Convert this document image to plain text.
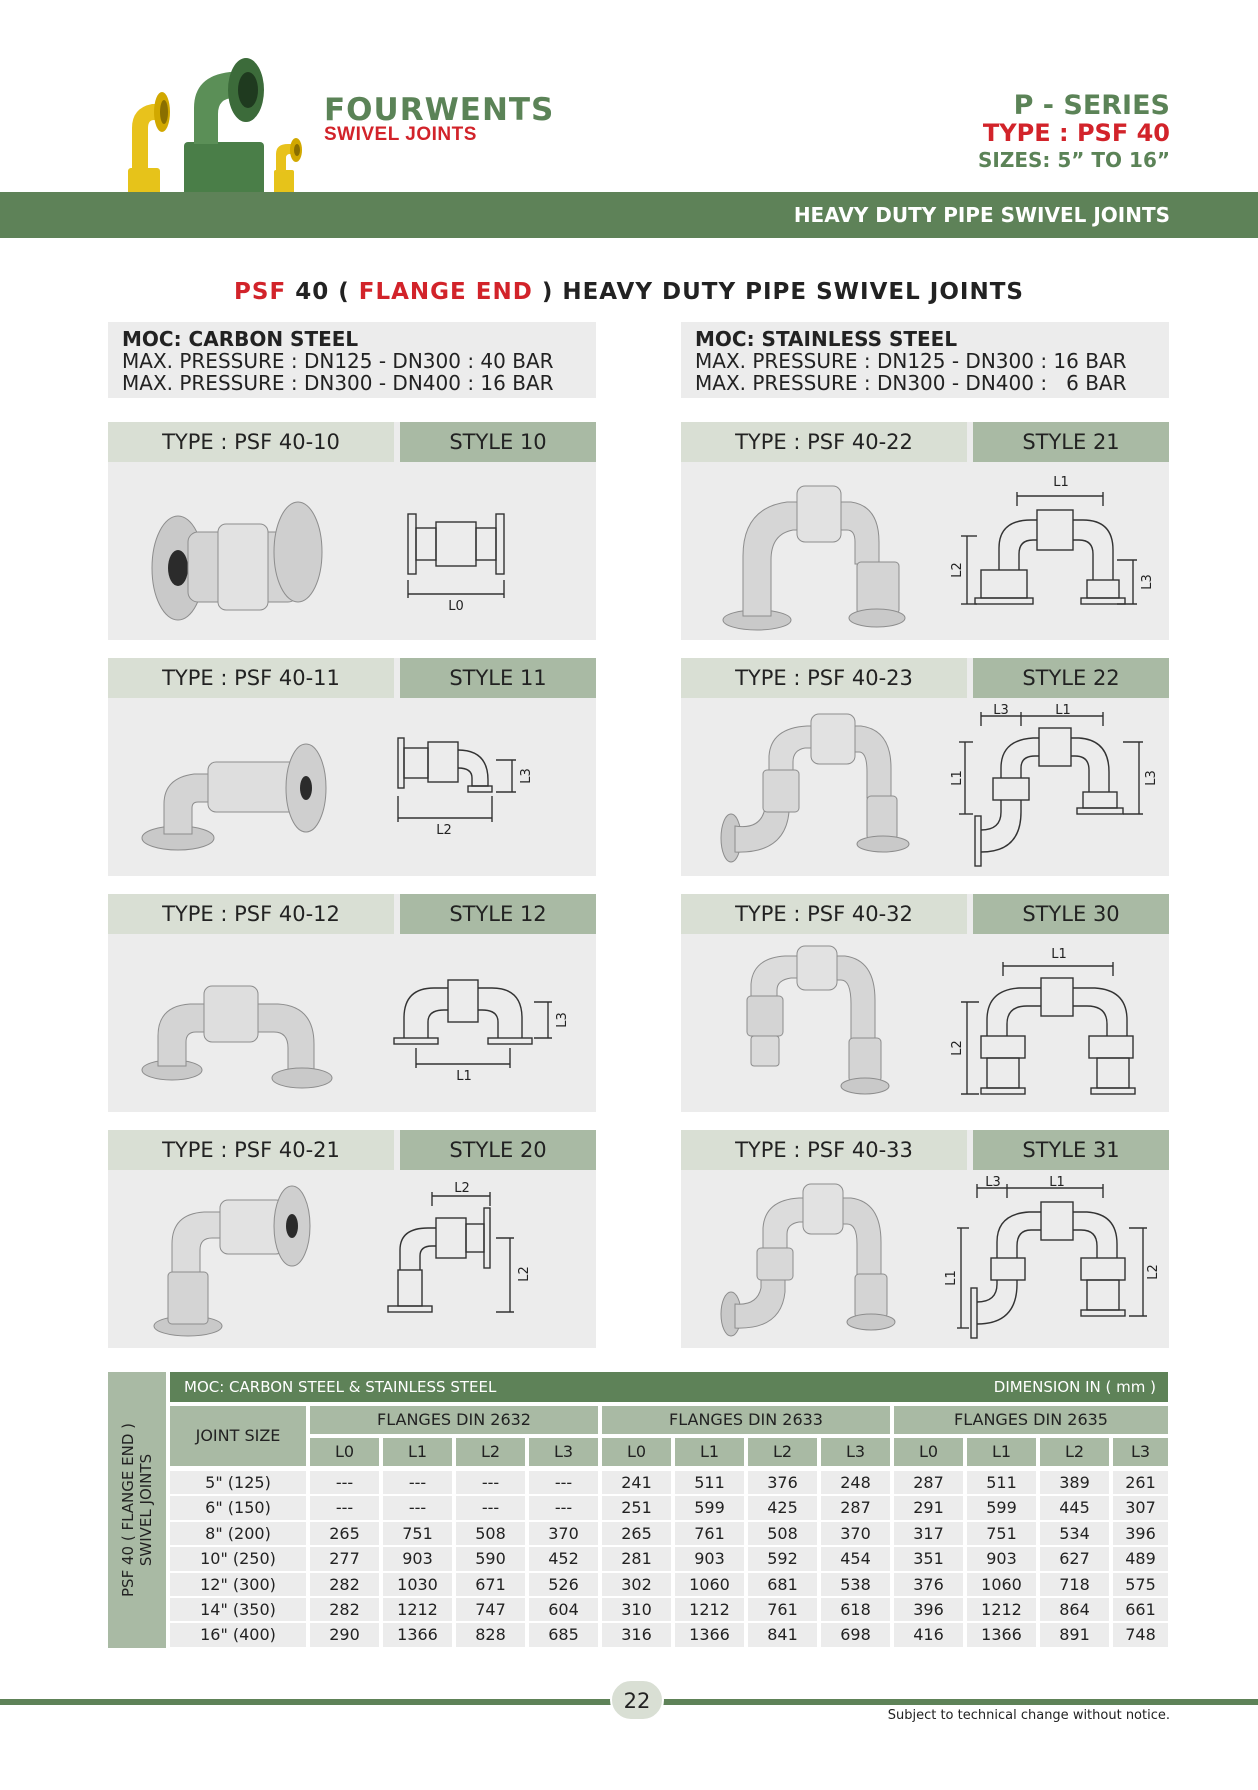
FOURWENTS
SWIVEL JOINTS
P - SERIES
TYPE : PSF 40
SIZES: 5” TO 16”
HEAVY DUTY PIPE SWIVEL JOINTS
PSF 40 ( FLANGE END ) HEAVY DUTY PIPE SWIVEL JOINTS
MOC: CARBON STEEL
MAX. PRESSURE : DN125 - DN300 : 40 BAR
MAX. PRESSURE : DN300 - DN400 : 16 BAR
MOC: STAINLESS STEEL
MAX. PRESSURE : DN125 - DN300 : 16 BAR
MAX. PRESSURE : DN300 - DN400 :   6 BAR
TYPE : PSF 40-10	STYLE 10
L0
TYPE : PSF 40-11	STYLE 11
L2
L3
TYPE : PSF 40-12	STYLE 12
L1
L3
TYPE : PSF 40-21	STYLE 20
L2
L2
TYPE : PSF 40-22	STYLE 21
L1
L2
L3
TYPE : PSF 40-23	STYLE 22
L3	L1
L1	L3
TYPE : PSF 40-32	STYLE 30
L1
L2
TYPE : PSF 40-33	STYLE 31
L3	L1
L1	L2
PSF 40 ( FLANGE END ) SWIVEL JOINTS
MOC: CARBON STEEL & STAINLESS STEEL	DIMENSION IN ( mm )
JOINT SIZE
FLANGES DIN 2632
L0	L1	L2	L3
FLANGES DIN 2633
L0	L1	L2	L3
FLANGES DIN 2635
L0	L1	L2	L3
5" (125)	---	---	---	---	241	511	376	248	287	511	389	261
6" (150)	---	---	---	---	251	599	425	287	291	599	445	307
8" (200)	265	751	508	370	265	761	508	370	317	751	534	396
10" (250)	277	903	590	452	281	903	592	454	351	903	627	489
12" (300)	282	1030	671	526	302	1060	681	538	376	1060	718	575
14" (350)	282	1212	747	604	310	1212	761	618	396	1212	864	661
16" (400)	290	1366	828	685	316	1366	841	698	416	1366	891	748
22
Subject to technical change without notice.
